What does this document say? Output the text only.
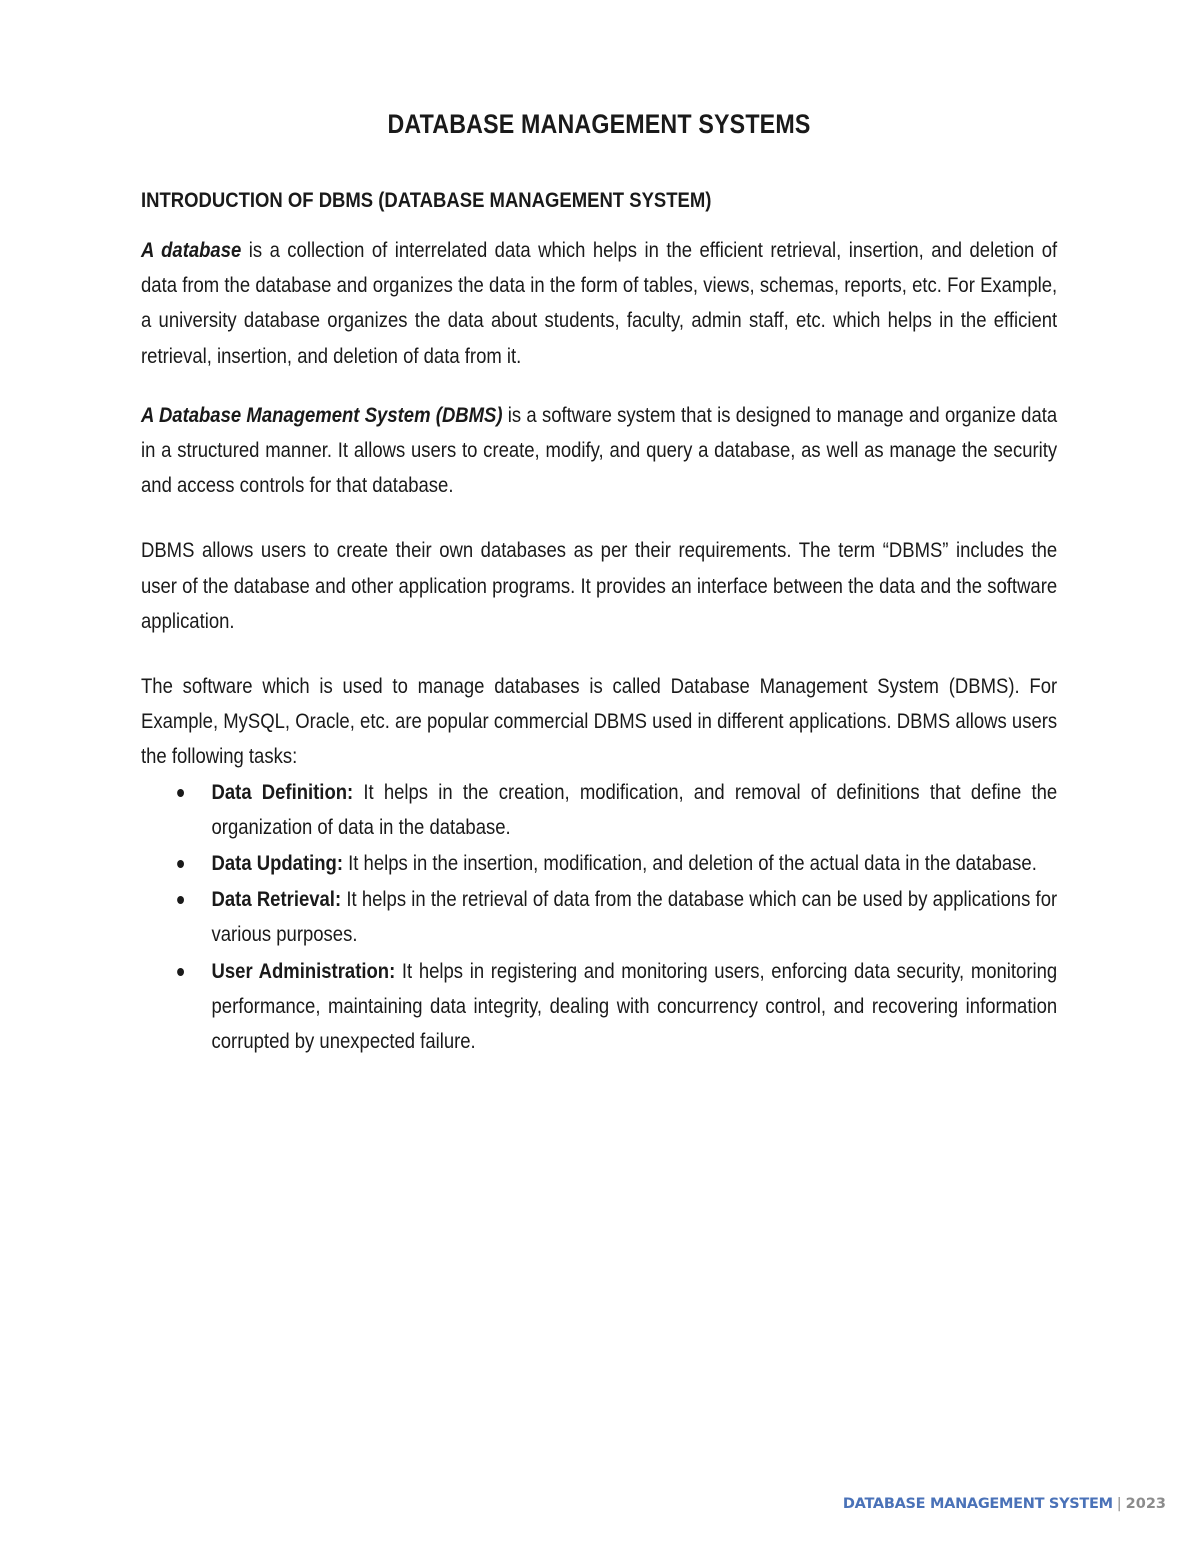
DATABASE MANAGEMENT SYSTEMS
INTRODUCTION OF DBMS (DATABASE MANAGEMENT SYSTEM)

A database is a collection of interrelated data which helps in the efficient retrieval, insertion, and deletion of data from the database and organizes the data in the form of tables, views, schemas, reports, etc. For Example, a university database organizes the data about students, faculty, admin staff, etc. which helps in the efficient retrieval, insertion, and deletion of data from it.

A Database Management System (DBMS) is a software system that is designed to manage and organize data in a structured manner. It allows users to create, modify, and query a database, as well as manage the security and access controls for that database.

DBMS allows users to create their own databases as per their requirements. The term “DBMS” includes the user of the database and other application programs. It provides an interface between the data and the software application.

The software which is used to manage databases is called Database Management System (DBMS). For Example, MySQL, Oracle, etc. are popular commercial DBMS used in different applications. DBMS allows users the following tasks:

Data Definition: It helps in the creation, modification, and removal of definitions that define the organization of data in the database.
Data Updating: It helps in the insertion, modification, and deletion of the actual data in the database.
Data Retrieval: It helps in the retrieval of data from the database which can be used by applications for various purposes.
User Administration: It helps in registering and monitoring users, enforcing data security, monitoring performance, maintaining data integrity, dealing with concurrency control, and recovering information corrupted by unexpected failure.
DATABASE MANAGEMENT SYSTEM | 2023
